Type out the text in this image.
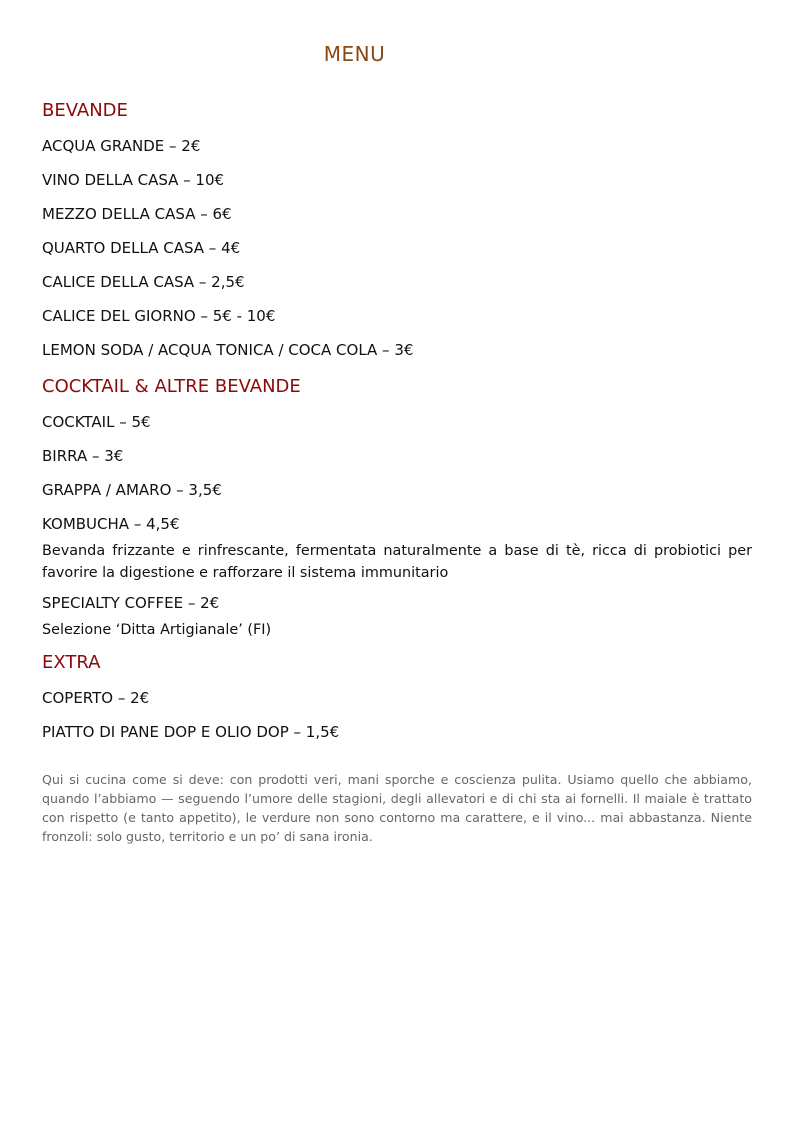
MENU
BEVANDE
ACQUA GRANDE – 2€
VINO DELLA CASA – 10€
MEZZO DELLA CASA – 6€
QUARTO DELLA CASA – 4€
CALICE DELLA CASA – 2,5€
CALICE DEL GIORNO – 5€ - 10€
LEMON SODA / ACQUA TONICA / COCA COLA – 3€
COCKTAIL & ALTRE BEVANDE
COCKTAIL – 5€
BIRRA – 3€
GRAPPA / AMARO – 3,5€
KOMBUCHA – 4,5€
Bevanda frizzante e rinfrescante, fermentata naturalmente a base di tè, ricca di probiotici per favorire la digestione e rafforzare il sistema immunitario
SPECIALTY COFFEE – 2€
Selezione ‘Ditta Artigianale’ (FI)
EXTRA
COPERTO – 2€
PIATTO DI PANE DOP E OLIO DOP – 1,5€
Qui si cucina come si deve: con prodotti veri, mani sporche e coscienza pulita. Usiamo quello che abbiamo, quando l’abbiamo — seguendo l’umore delle stagioni, degli allevatori e di chi sta ai fornelli. Il maiale è trattato con rispetto (e tanto appetito), le verdure non sono contorno ma carattere, e il vino... mai abbastanza. Niente fronzoli: solo gusto, territorio e un po’ di sana ironia.
